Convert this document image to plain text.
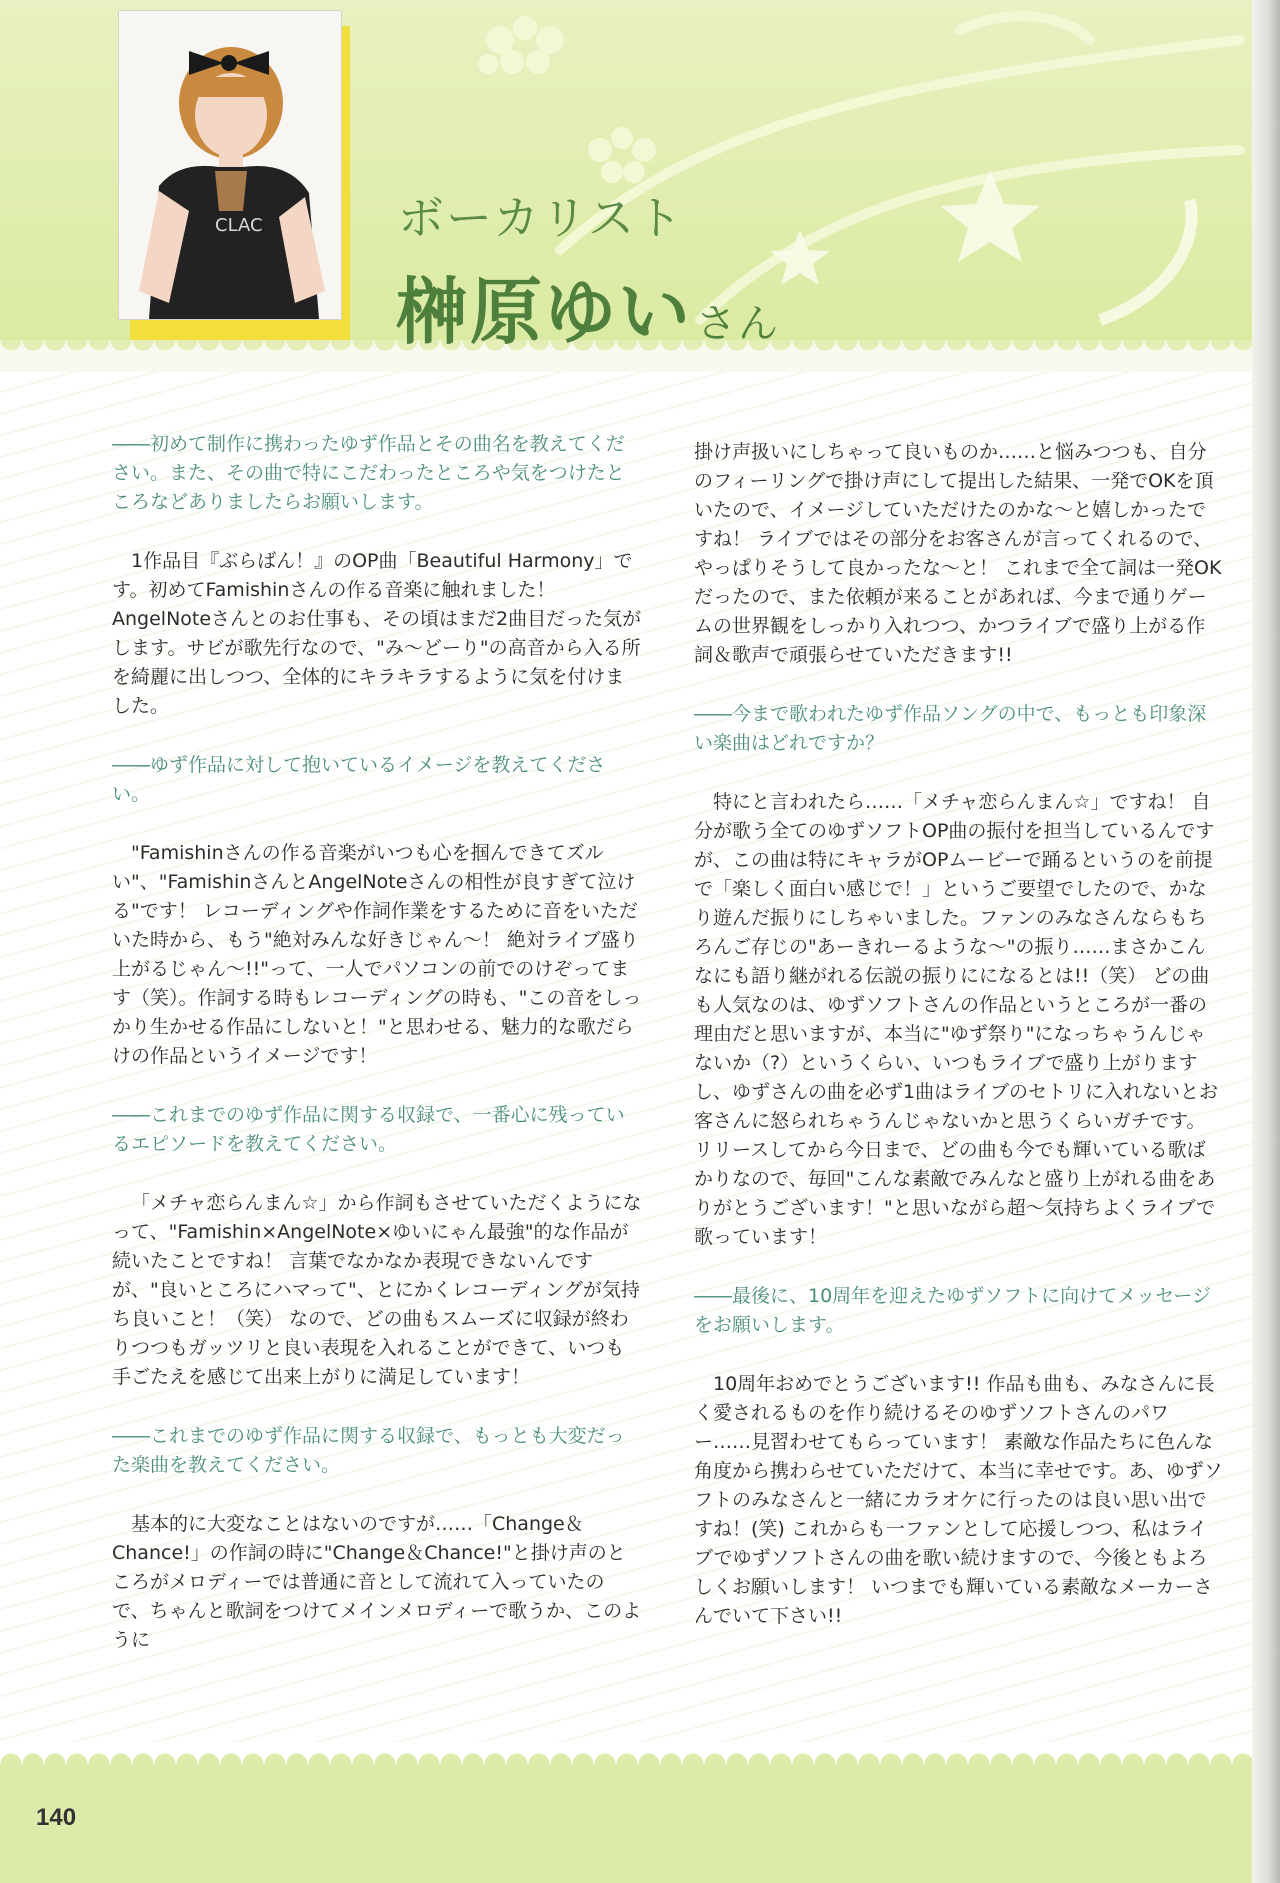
CLAC	ボーカリスト
榊原ゆい さん

――初めて制作に携わったゆず作品とその曲名を教えてください。また、その曲で特にこだわったところや気をつけたところなどありましたらお願いします。

1作品目『ぶらばん！』のOP曲「Beautiful Harmony」です。初めてFamishinさんの作る音楽に触れました！ AngelNoteさんとのお仕事も、その頃はまだ2曲目だった気がします。サビが歌先行なので、"み～どーり"の高音から入る所を綺麗に出しつつ、全体的にキラキラするように気を付けました。

――ゆず作品に対して抱いているイメージを教えてください。

"Famishinさんの作る音楽がいつも心を掴んできてズルい"、"FamishinさんとAngelNoteさんの相性が良すぎて泣ける"です！ レコーディングや作詞作業をするために音をいただいた時から、もう"絶対みんな好きじゃん～！ 絶対ライブ盛り上がるじゃん～!!"って、一人でパソコンの前でのけぞってます（笑）。作詞する時もレコーディングの時も、"この音をしっかり生かせる作品にしないと！"と思わせる、魅力的な歌だらけの作品というイメージです！

――これまでのゆず作品に関する収録で、一番心に残っているエピソードを教えてください。

「メチャ恋らんまん☆」から作詞もさせていただくようになって、"Famishin×AngelNote×ゆいにゃん最強"的な作品が続いたことですね！ 言葉でなかなか表現できないんですが、"良いところにハマって"、とにかくレコーディングが気持ち良いこと！（笑） なので、どの曲もスムーズに収録が終わりつつもガッツリと良い表現を入れることができて、いつも手ごたえを感じて出来上がりに満足しています！

――これまでのゆず作品に関する収録で、もっとも大変だった楽曲を教えてください。

基本的に大変なことはないのですが……「Change＆Chance!」の作詞の時に"Change＆Chance!"と掛け声のところがメロディーでは普通に音として流れて入っていたので、ちゃんと歌詞をつけてメインメロディーで歌うか、このように

掛け声扱いにしちゃって良いものか……と悩みつつも、自分のフィーリングで掛け声にして提出した結果、一発でOKを頂いたので、イメージしていただけたのかな～と嬉しかったですね！ ライブではその部分をお客さんが言ってくれるので、やっぱりそうして良かったな～と！ これまで全て詞は一発OKだったので、また依頼が来ることがあれば、今まで通りゲームの世界観をしっかり入れつつ、かつライブで盛り上がる作詞＆歌声で頑張らせていただきます!!

――今まで歌われたゆず作品ソングの中で、もっとも印象深い楽曲はどれですか？

特にと言われたら……「メチャ恋らんまん☆」ですね！ 自分が歌う全てのゆずソフトOP曲の振付を担当しているんですが、この曲は特にキャラがOPムービーで踊るというのを前提で「楽しく面白い感じで！」というご要望でしたので、かなり遊んだ振りにしちゃいました。ファンのみなさんならもちろんご存じの"あーきれーるような～"の振り……まさかこんなにも語り継がれる伝説の振りにになるとは!!（笑） どの曲も人気なのは、ゆずソフトさんの作品というところが一番の理由だと思いますが、本当に"ゆず祭り"になっちゃうんじゃないか（?）というくらい、いつもライブで盛り上がりますし、ゆずさんの曲を必ず1曲はライブのセトリに入れないとお客さんに怒られちゃうんじゃないかと思うくらいガチです。リリースしてから今日まで、どの曲も今でも輝いている歌ばかりなので、毎回"こんな素敵でみんなと盛り上がれる曲をありがとうございます！"と思いながら超～気持ちよくライブで歌っています！

――最後に、10周年を迎えたゆずソフトに向けてメッセージをお願いします。

10周年おめでとうございます!! 作品も曲も、みなさんに長く愛されるものを作り続けるそのゆずソフトさんのパワー……見習わせてもらっています！ 素敵な作品たちに色んな角度から携わらせていただけて、本当に幸せです。あ、ゆずソフトのみなさんと一緒にカラオケに行ったのは良い思い出ですね！(笑) これからも一ファンとして応援しつつ、私はライブでゆずソフトさんの曲を歌い続けますので、今後ともよろしくお願いします！ いつまでも輝いている素敵なメーカーさんでいて下さい!!

140
